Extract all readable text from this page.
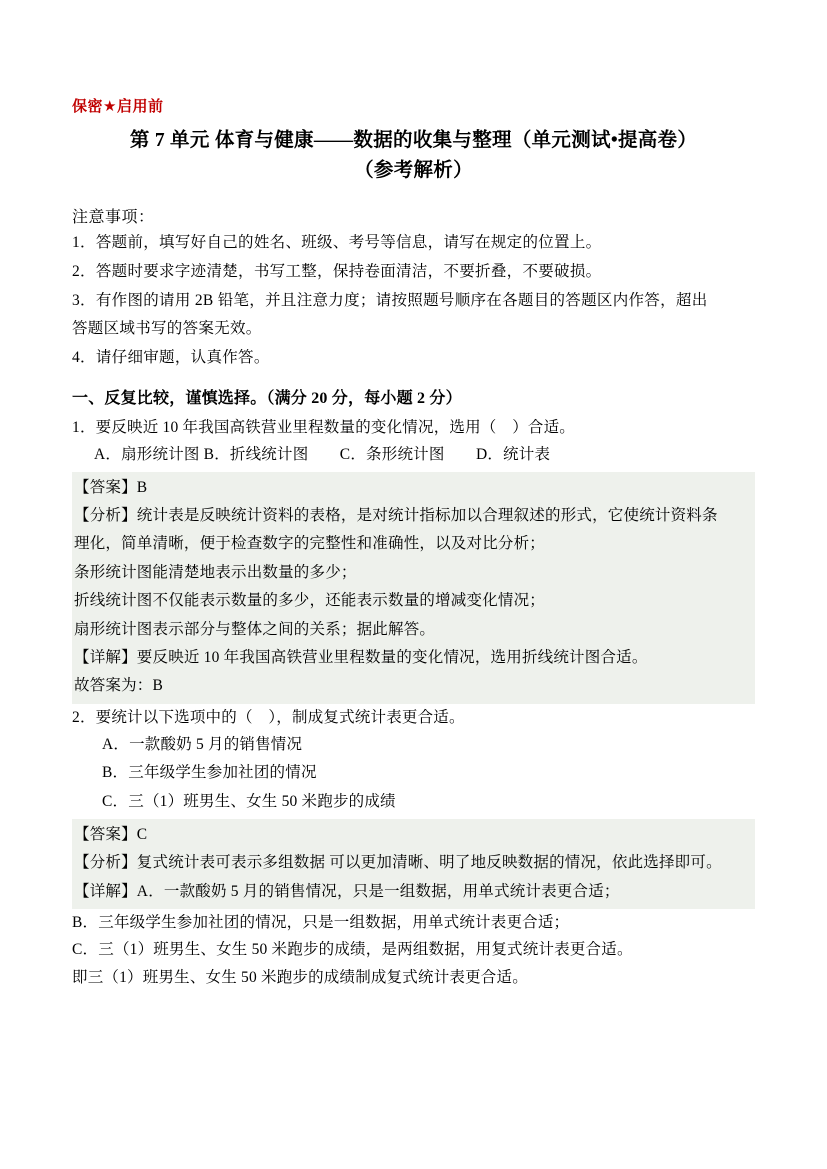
保密★启用前
第 7 单元 体育与健康——数据的收集与整理（单元测试•提高卷）
（参考解析）
注意事项：
1．答题前，填写好自己的姓名、班级、考号等信息，请写在规定的位置上。
2．答题时要求字迹清楚，书写工整，保持卷面清洁，不要折叠，不要破损。
3．有作图的请用 2B 铅笔，并且注意力度；请按照题号顺序在各题目的答题区内作答，超出
答题区域书写的答案无效。
4．请仔细审题，认真作答。
一、反复比较，谨慎选择。（满分 20 分，每小题 2 分）
1．要反映近 10 年我国高铁营业里程数量的变化情况，选用（　）合适。
A．扇形统计图 B．折线统计图　　C．条形统计图　　D．统计表
【答案】B
【分析】统计表是反映统计资料的表格，是对统计指标加以合理叙述的形式，它使统计资料条
理化，简单清晰，便于检查数字的完整性和准确性，以及对比分析；
条形统计图能清楚地表示出数量的多少；
折线统计图不仅能表示数量的多少，还能表示数量的增减变化情况；
扇形统计图表示部分与整体之间的关系；据此解答。
【详解】要反映近 10 年我国高铁营业里程数量的变化情况，选用折线统计图合适。
故答案为：B
2．要统计以下选项中的（　），制成复式统计表更合适。
A．一款酸奶 5 月的销售情况
B．三年级学生参加社团的情况
C．三（1）班男生、女生 50 米跑步的成绩
【答案】C
【分析】复式统计表可表示多组数据 可以更加清晰、明了地反映数据的情况，依此选择即可。
【详解】A．一款酸奶 5 月的销售情况，只是一组数据，用单式统计表更合适；
B．三年级学生参加社团的情况，只是一组数据，用单式统计表更合适；
C．三（1）班男生、女生 50 米跑步的成绩，是两组数据，用复式统计表更合适。
即三（1）班男生、女生 50 米跑步的成绩制成复式统计表更合适。
